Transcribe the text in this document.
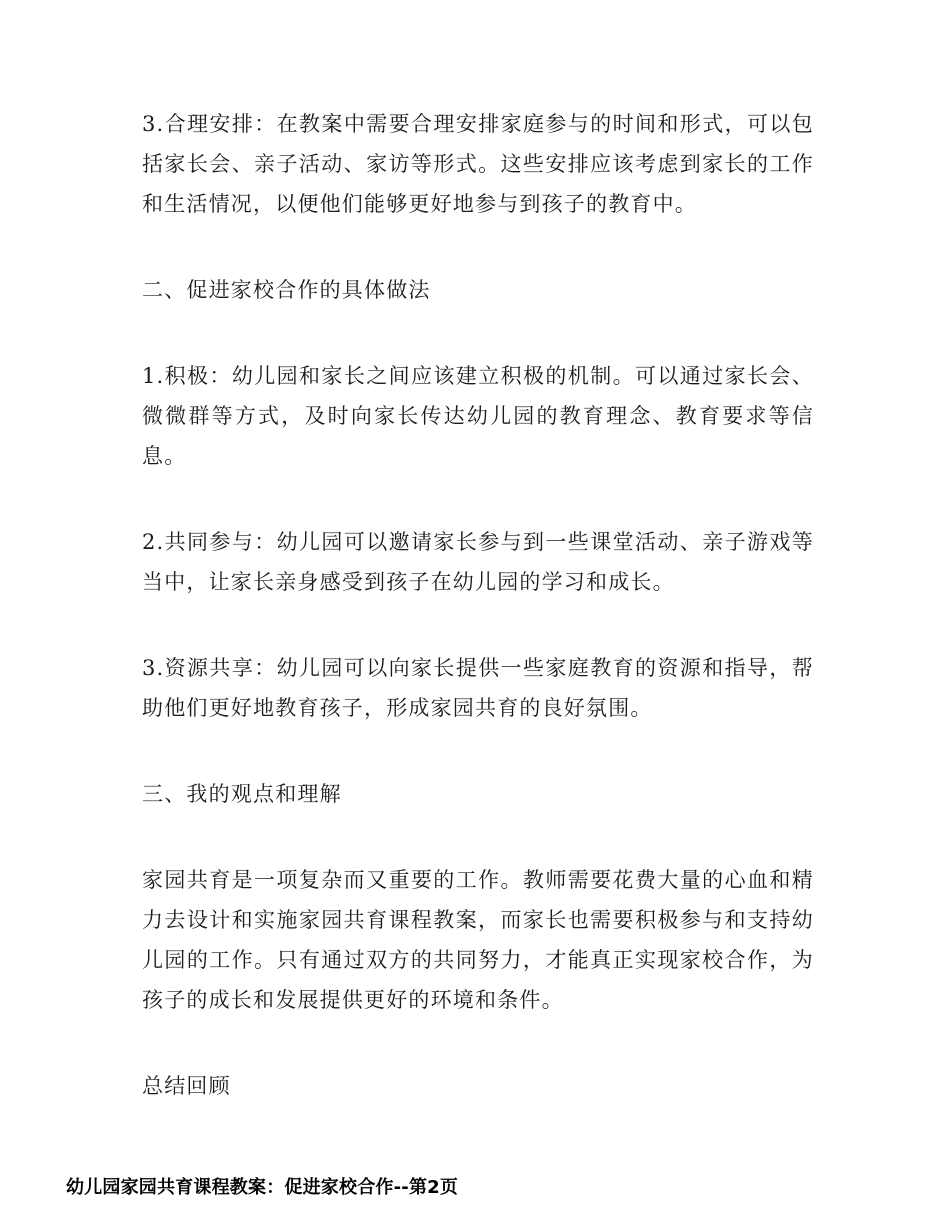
3.合理安排：在教案中需要合理安排家庭参与的时间和形式，可以包括家长会、亲子活动、家访等形式。这些安排应该考虑到家长的工作和生活情况，以便他们能够更好地参与到孩子的教育中。

二、促进家校合作的具体做法

1.积极：幼儿园和家长之间应该建立积极的机制。可以通过家长会、微微群等方式，及时向家长传达幼儿园的教育理念、教育要求等信息。

2.共同参与：幼儿园可以邀请家长参与到一些课堂活动、亲子游戏等当中，让家长亲身感受到孩子在幼儿园的学习和成长。

3.资源共享：幼儿园可以向家长提供一些家庭教育的资源和指导，帮助他们更好地教育孩子，形成家园共育的良好氛围。

三、我的观点和理解

家园共育是一项复杂而又重要的工作。教师需要花费大量的心血和精力去设计和实施家园共育课程教案，而家长也需要积极参与和支持幼儿园的工作。只有通过双方的共同努力，才能真正实现家校合作，为孩子的成长和发展提供更好的环境和条件。

总结回顾

幼儿园家园共育课程教案：促进家校合作--第2页
